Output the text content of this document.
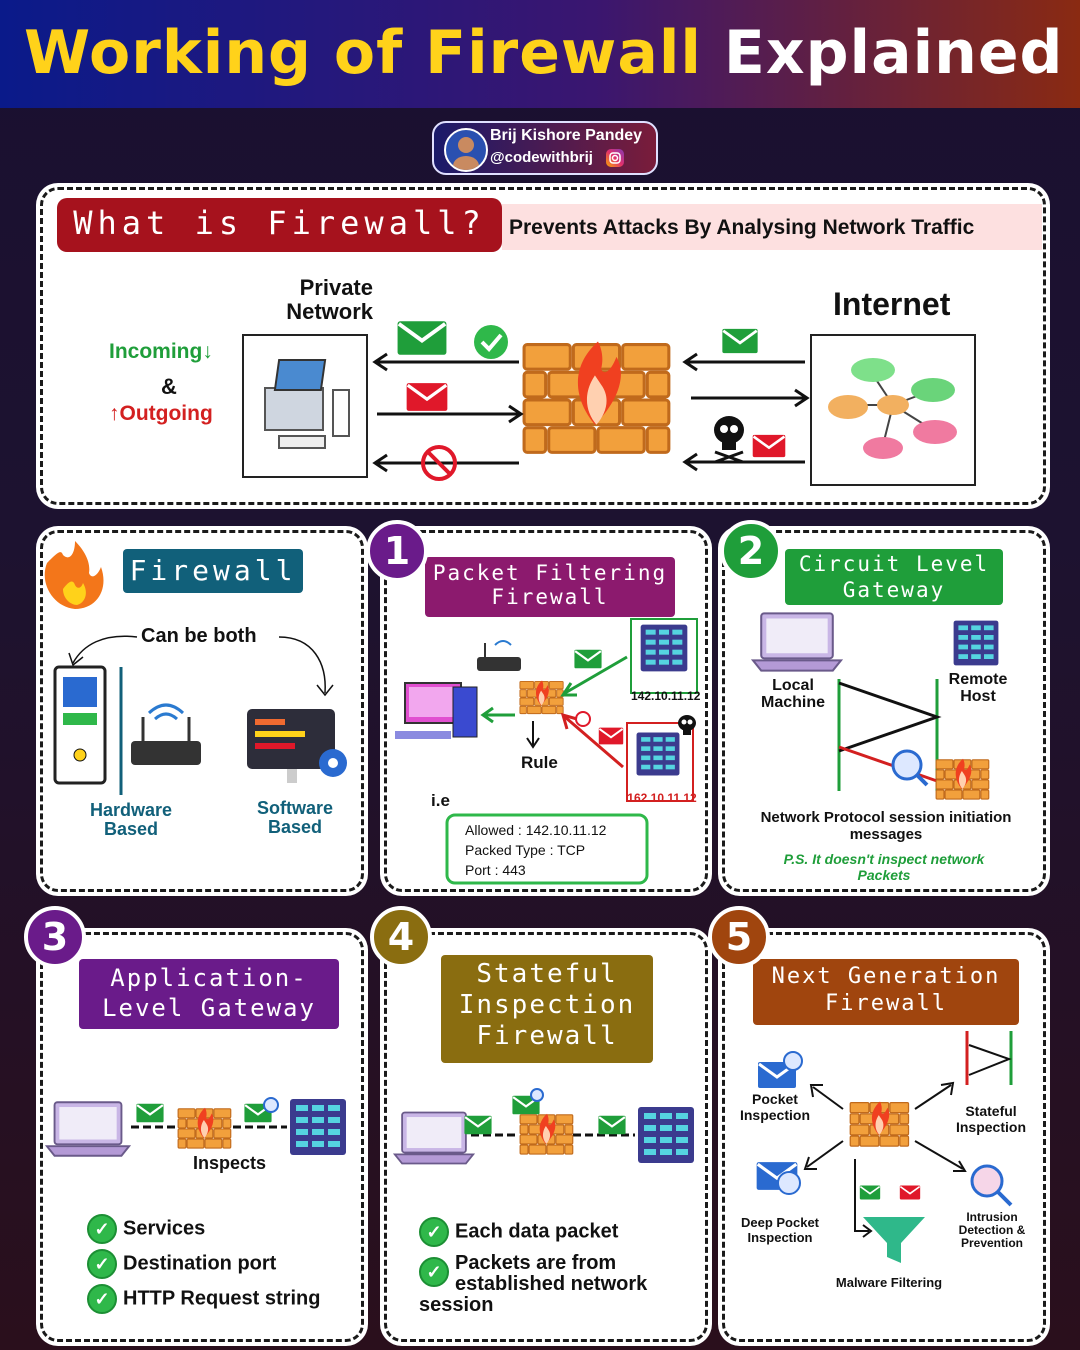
Working of Firewall Explained
Brij Kishore Pandey
@codewithbrij
What is Firewall?	Prevents Attacks By Analysing Network Traffic
Private Network	Internet
Incoming↓
&
↑Outgoing
Firewall
Can be both
Hardware Based
Software Based
Packet Filtering Firewall
142.10.11.12
162.10.11.12
Rule
i.e
Allowed : 142.10.11.12
Packed Type : TCP
Port : 443
1	Circuit Level Gateway
Local Machine
Remote Host
Network Protocol session initiation messages
P.S. It doesn't inspect network Packets
2
Application-Level Gateway
Inspects
✓ Services
✓ Destination port
✓ HTTP Request string
3
Stateful Inspection Firewall
✓ Each data packet
✓ Packets are from established network session
4
Next Generation Firewall
Pocket Inspection	Stateful Inspection
Deep Pocket Inspection
Intrusion Detection & Prevention
Malware Filtering
5
